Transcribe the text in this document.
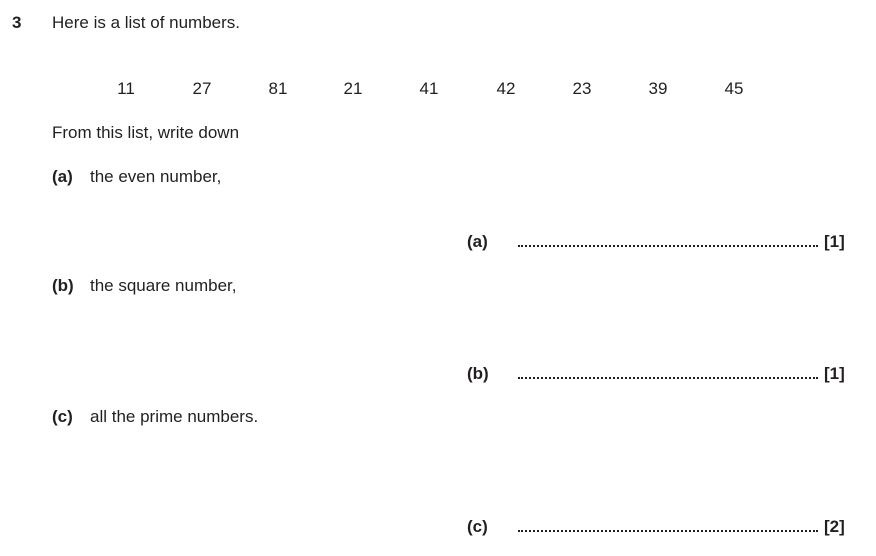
3 Here is a list of numbers.
11	27	81	21	41	42	23	39	45
From this list, write down
(a) the even number,
(a)	[1]
(b) the square number,
(b)	[1]
(c) all the prime numbers.
(c)	[2]
